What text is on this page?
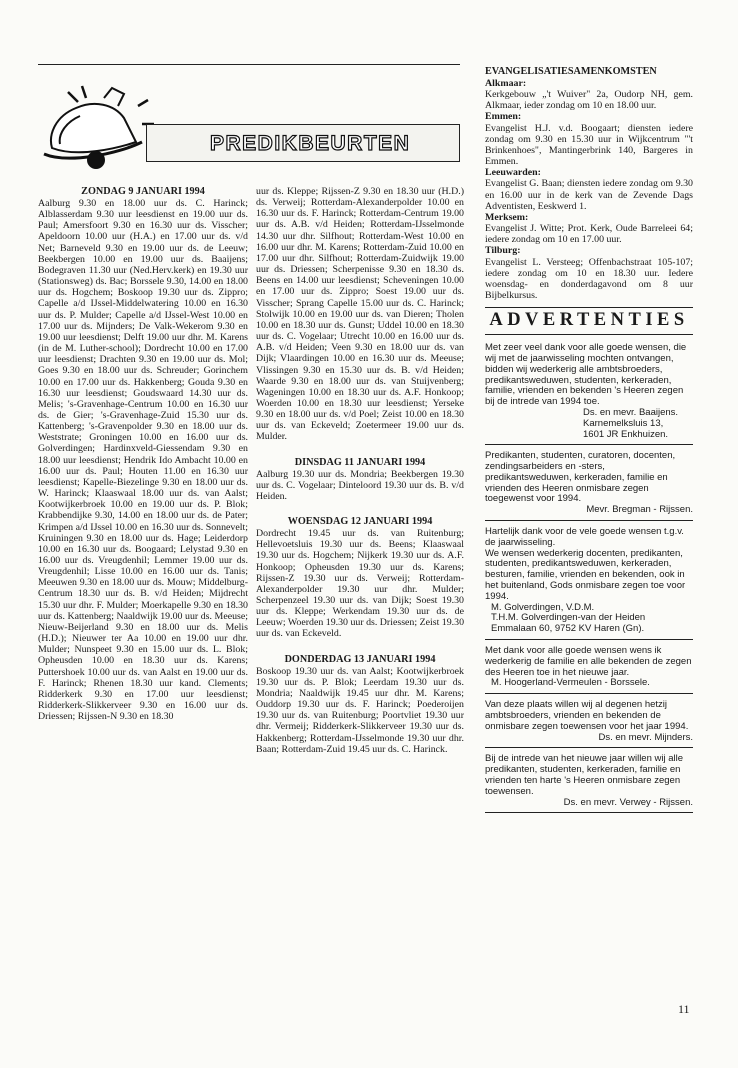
PREDIKBEURTEN
ZONDAG 9 JANUARI 1994

Aalburg 9.30 en 18.00 uur ds. C. Harinck; Alblasserdam 9.30 uur leesdienst en 19.00 uur ds. Paul; Amersfoort 9.30 en 16.30 uur ds. Visscher; Apeldoorn 10.00 uur (H.A.) en 17.00 uur ds. v/d Net; Barneveld 9.30 en 19.00 uur ds. de Leeuw; Beekbergen 10.00 en 19.00 uur ds. Baaijens; Bodegraven 11.30 uur (Ned.Herv.kerk) en 19.30 uur (Stationsweg) ds. Bac; Borssele 9.30, 14.00 en 18.00 uur ds. Hogchem; Boskoop 19.30 uur ds. Zippro; Capelle a/d IJssel-Middelwatering 10.00 en 16.30 uur ds. P. Mulder; Capelle a/d IJssel-West 10.00 en 17.00 uur ds. Mijnders; De Valk-Wekerom 9.30 en 19.00 uur leesdienst; Delft 19.00 uur dhr. M. Karens (in de M. Luther-school); Dordrecht 10.00 en 17.00 uur leesdienst; Drachten 9.30 en 19.00 uur ds. Mol; Goes 9.30 en 18.00 uur ds. Schreuder; Gorinchem 10.00 en 17.00 uur ds. Hakkenberg; Gouda 9.30 en 16.30 uur leesdienst; Goudswaard 14.30 uur ds. Melis; 's-Gravenhage-Centrum 10.00 en 16.30 uur ds. de Gier; 's-Gravenhage-Zuid 15.30 uur ds. Kattenberg; 's-Gravenpolder 9.30 en 18.00 uur ds. Weststrate; Groningen 10.00 en 16.00 uur ds. Golverdingen; Hardinxveld-Giessendam 9.30 en 18.00 uur leesdienst; Hendrik Ido Ambacht 10.00 en 16.00 uur ds. Paul; Houten 11.00 en 16.30 uur leesdienst; Kapelle-Biezelinge 9.30 en 18.00 uur ds. W. Harinck; Klaaswaal 18.00 uur ds. van Aalst; Kootwijkerbroek 10.00 en 19.00 uur ds. P. Blok; Krabbendijke 9.30, 14.00 en 18.00 uur ds. de Pater; Krimpen a/d IJssel 10.00 en 16.30 uur ds. Sonnevelt; Kruiningen 9.30 en 18.00 uur ds. Hage; Leiderdorp 10.00 en 16.30 uur ds. Boogaard; Lelystad 9.30 en 16.00 uur ds. Vreugdenhil; Lemmer 19.00 uur ds. Vreugdenhil; Lisse 10.00 en 16.00 uur ds. Tanis; Meeuwen 9.30 en 18.00 uur ds. Mouw; Middelburg-Centrum 18.30 uur ds. B. v/d Heiden; Mijdrecht 15.30 uur dhr. F. Mulder; Moerkapelle 9.30 en 18.30 uur ds. Kattenberg; Naaldwijk 19.00 uur ds. Meeuse; Nieuw-Beijerland 9.30 en 18.00 uur ds. Melis (H.D.); Nieuwer ter Aa 10.00 en 19.00 uur dhr. Mulder; Nunspeet 9.30 en 15.00 uur ds. L. Blok; Opheusden 10.00 en 18.30 uur ds. Karens; Puttershoek 10.00 uur ds. van Aalst en 19.00 uur ds. F. Harinck; Rhenen 18.30 uur kand. Clements; Ridderkerk 9.30 en 17.00 uur leesdienst; Ridderkerk-Slikkerveer 9.30 en 16.00 uur ds. Driessen; Rijssen-N 9.30 en 18.30

uur ds. Kleppe; Rijssen-Z 9.30 en 18.30 uur (H.D.) ds. Verweij; Rotterdam-Alexanderpolder 10.00 en 16.30 uur ds. F. Harinck; Rotterdam-Centrum 19.00 uur ds. A.B. v/d Heiden; Rotterdam-IJsselmonde 14.30 uur dhr. Silfhout; Rotterdam-West 10.00 en 16.00 uur dhr. M. Karens; Rotterdam-Zuid 10.00 en 17.00 uur dhr. Silfhout; Rotterdam-Zuidwijk 19.00 uur ds. Driessen; Scherpenisse 9.30 en 18.30 ds. Beens en 14.00 uur leesdienst; Scheveningen 10.00 en 17.00 uur ds. Zippro; Soest 19.00 uur ds. Visscher; Sprang Capelle 15.00 uur ds. C. Harinck; Stolwijk 10.00 en 19.00 uur ds. van Dieren; Tholen 10.00 en 18.30 uur ds. Gunst; Uddel 10.00 en 18.30 uur ds. C. Vogelaar; Utrecht 10.00 en 16.00 uur ds. A.B. v/d Heiden; Veen 9.30 en 18.00 uur ds. van Dijk; Vlaardingen 10.00 en 16.30 uur ds. Meeuse; Vlissingen 9.30 en 15.30 uur ds. B. v/d Heiden; Waarde 9.30 en 18.00 uur ds. van Stuijvenberg; Wageningen 10.00 en 18.30 uur ds. A.F. Honkoop; Woerden 10.00 en 18.30 uur leesdienst; Yerseke 9.30 en 18.00 uur ds. v/d Poel; Zeist 10.00 en 18.30 uur ds. van Eckeveld; Zoetermeer 19.00 uur ds. Mulder.

DINSDAG 11 JANUARI 1994

Aalburg 19.30 uur ds. Mondria; Beekbergen 19.30 uur ds. C. Vogelaar; Dinteloord 19.30 uur ds. B. v/d Heiden.

WOENSDAG 12 JANUARI 1994

Dordrecht 19.45 uur ds. van Ruitenburg; Hellevoetsluis 19.30 uur ds. Beens; Klaaswaal 19.30 uur ds. Hogchem; Nijkerk 19.30 uur ds. A.F. Honkoop; Opheusden 19.30 uur ds. Karens; Rijssen-Z 19.30 uur ds. Verweij; Rotterdam-Alexanderpolder 19.30 uur dhr. Mulder; Scherpenzeel 19.30 uur ds. van Dijk; Soest 19.30 uur ds. Kleppe; Werkendam 19.30 uur ds. de Leeuw; Woerden 19.30 uur ds. Driessen; Zeist 19.30 uur ds. van Eckeveld.

DONDERDAG 13 JANUARI 1994

Boskoop 19.30 uur ds. van Aalst; Kootwijkerbroek 19.30 uur ds. P. Blok; Leerdam 19.30 uur ds. Mondria; Naaldwijk 19.45 uur dhr. M. Karens; Ouddorp 19.30 uur ds. F. Harinck; Poederoijen 19.30 uur ds. van Ruitenburg; Poortvliet 19.30 uur dhr. Vermeij; Ridderkerk-Slikkerveer 19.30 uur ds. Hakkenberg; Rotterdam-IJsselmonde 19.30 uur dhr. Baan; Rotterdam-Zuid 19.45 uur ds. C. Harinck.

EVANGELISATIESAMENKOMSTEN
Alkmaar:

Kerkgebouw „'t Wuiver" 2a, Oudorp NH, gem. Alkmaar, ieder zondag om 10 en 18.00 uur.

Emmen:

Evangelist H.J. v.d. Boogaart; diensten iedere zondag om 9.30 en 15.30 uur in Wijkcentrum "'t Brinkenhoes", Mantingerbrink 140, Bargeres in Emmen.

Leeuwarden:

Evangelist G. Baan; diensten iedere zondag om 9.30 en 16.00 uur in de kerk van de Zevende Dags Adventisten, Eeskwerd 1.

Merksem:

Evangelist J. Witte; Prot. Kerk, Oude Barreleei 64; iedere zondag om 10 en 17.00 uur.

Tilburg:

Evangelist L. Versteeg; Offenbachstraat 105-107; iedere zondag om 10 en 18.30 uur. Iedere woensdag- en donderdagavond om 8 uur Bijbelkursus.

ADVERTENTIES
Met zeer veel dank voor alle goede wensen, die wij met de jaarwisseling mochten ontvangen, bidden wij wederkerig alle ambtsbroeders, predikantsweduwen, studenten, kerkeraden, familie, vrienden en bekenden 's Heeren zegen bij de intrede van 1994 toe.
Ds. en mevr. Baaijens.
Karnemelksluis 13,
1601 JR Enkhuizen.
Predikanten, studenten, curatoren, docenten, zendingsarbeiders en -sters, predikantsweduwen, kerkeraden, familie en vrienden des Heeren onmisbare zegen toegewenst voor 1994.
Mevr. Bregman - Rijssen.
Hartelijk dank voor de vele goede wensen t.g.v. de jaarwisseling.
We wensen wederkerig docenten, predikanten, studenten, predikantsweduwen, kerkeraden, besturen, familie, vrienden en bekenden, ook in het buitenland, Gods onmisbare zegen toe voor 1994.
M. Golverdingen, V.D.M.
T.H.M. Golverdingen-van der Heiden
Emmalaan 60, 9752 KV Haren (Gn).
Met dank voor alle goede wensen wens ik wederkerig de familie en alle bekenden de zegen des Heeren toe in het nieuwe jaar.
M. Hoogerland-Vermeulen - Borssele.
Van deze plaats willen wij al degenen hetzij ambtsbroeders, vrienden en bekenden de onmisbare zegen toewensen voor het jaar 1994.
Ds. en mevr. Mijnders.
Bij de intrede van het nieuwe jaar willen wij alle predikanten, studenten, kerkeraden, familie en vrienden ten harte 's Heeren onmisbare zegen toewensen.
Ds. en mevr. Verwey - Rijssen.
11
